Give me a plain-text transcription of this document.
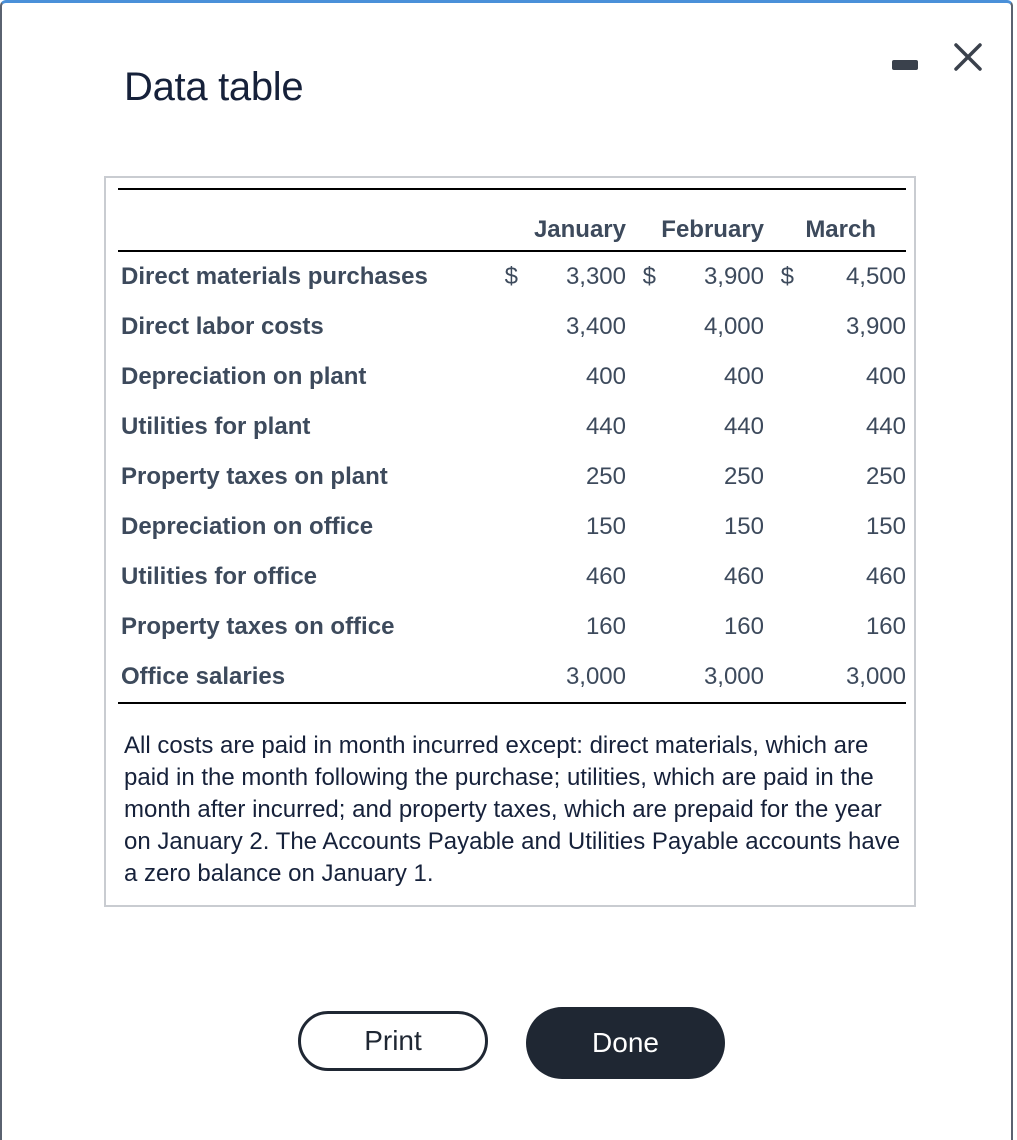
Data table

	January		February		March	
Direct materials purchases	$	3,300	$	3,900	$	4,500
Direct labor costs		3,400		4,000		3,900
Depreciation on plant		400		400		400
Utilities for plant		440		440		440
Property taxes on plant		250		250		250
Depreciation on office		150		150		150
Utilities for office		460		460		460
Property taxes on office		160		160		160
Office salaries		3,000		3,000		3,000
All costs are paid in month incurred except: direct materials, which are paid in the month following the purchase; utilities, which are paid in the month after incurred; and property taxes, which are prepaid for the year on January 2. The Accounts Payable and Utilities Payable accounts have a zero balance on January 1.
Print	Done
